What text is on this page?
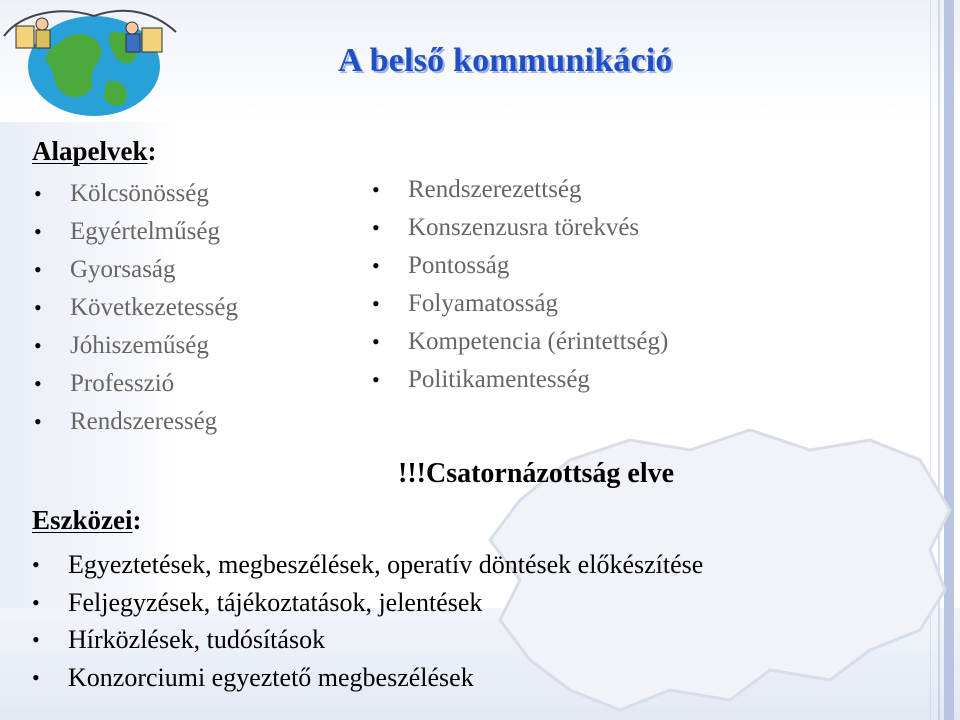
A belső kommunikáció
Alapelvek:
• Kölcsönösség
• Egyértelműség
• Gyorsaság
• Következetesség
• Jóhiszeműség
• Professzió
• Rendszeresség
• Rendszerezettség
• Konszenzusra törekvés
• Pontosság
• Folyamatosság
• Kompetencia (érintettség)
• Politikamentesség

!!!Csatornázottság elve

Eszközei:
• Egyeztetések, megbeszélések, operatív döntések előkészítése
• Feljegyzések, tájékoztatások, jelentések
• Hírközlések, tudósítások
• Konzorciumi egyeztető megbeszélések
